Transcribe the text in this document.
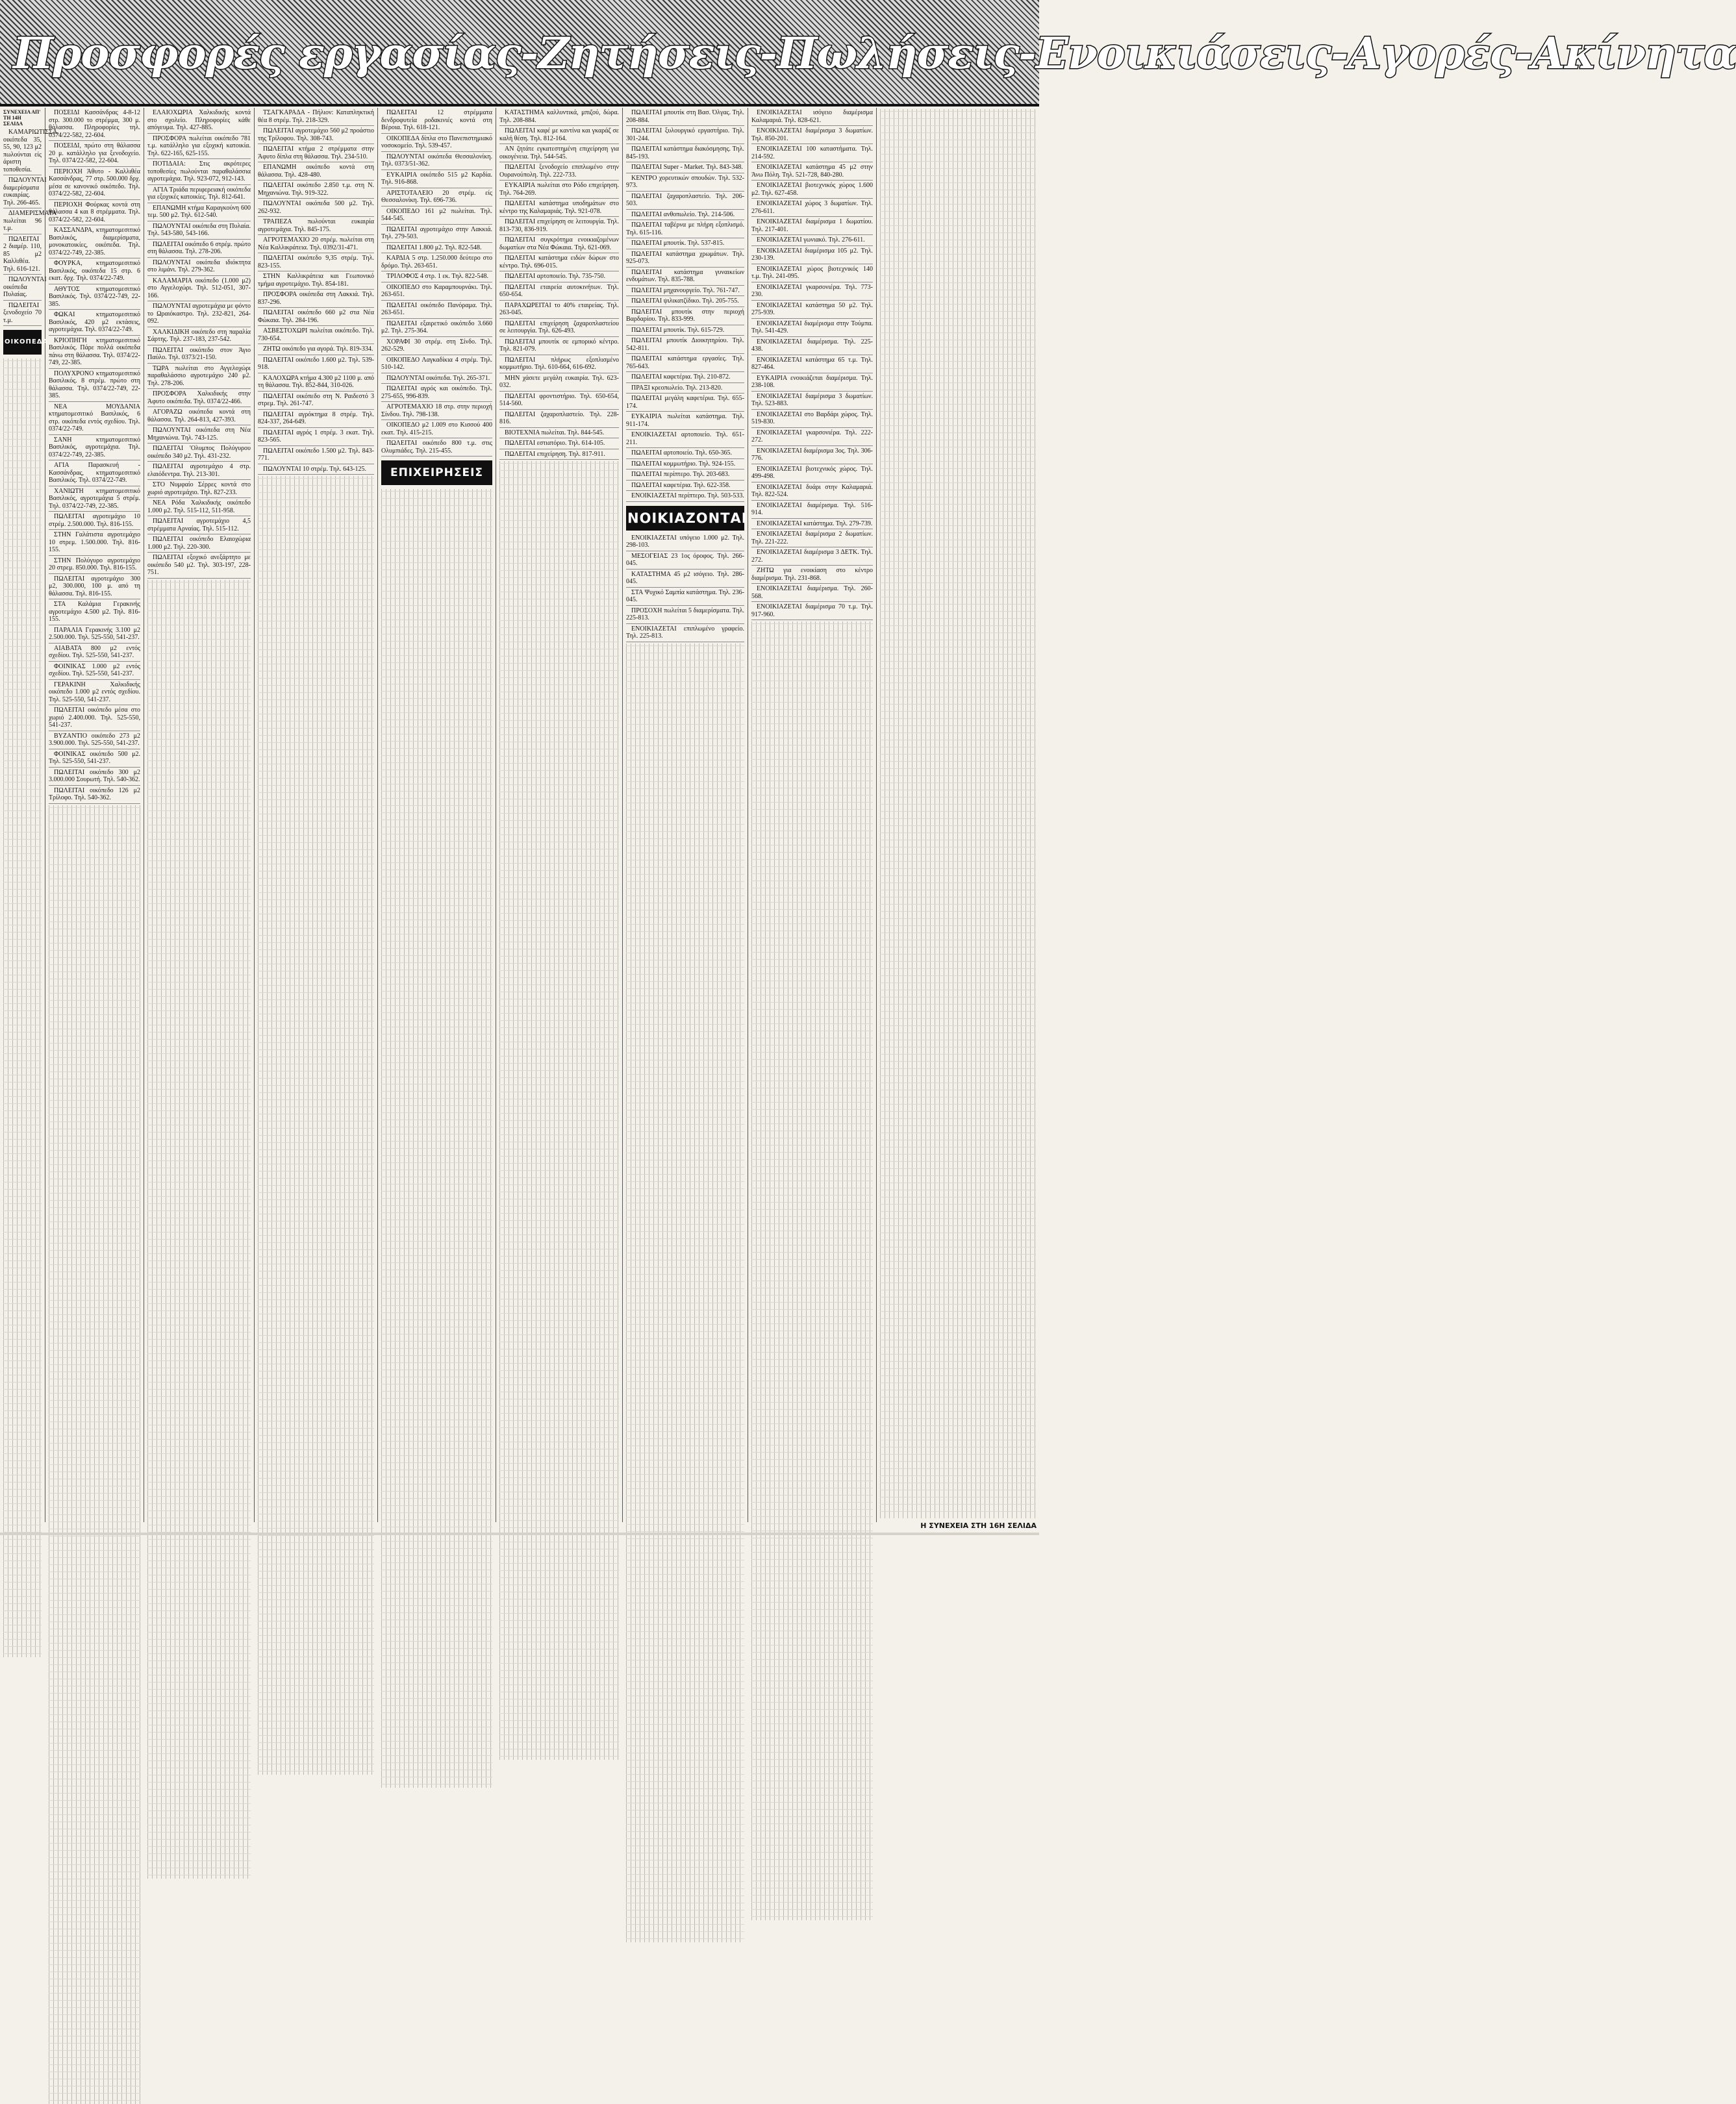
Προσφορές εργασίας-Ζητήσεις-Πωλήσεις-Ενοικιάσεις-Αγορές-Ακίνητα
ΣΥΝΕΧΕΙΑ ΑΠ' ΤΗ 14Η ΣΕΛΙΔΑ
ΚΑΜΑΡΙΩΤΙΣΣΑ, οικόπεδα 35, 55, 90, 123 μ2 πωλούνται είς άριστη τοποθεσία.
ΠΩΛΟΥΝΤΑΙ διαμερίσματα ευκαιρίας. Τηλ. 266-465.
ΔΙΑΜΕΡΙΣΜΑΤΑ πωλείται 96 τ.μ.
ΠΩΛΕΙΤΑΙ 2 διαμέρ. 110, 85 μ2 Καλλιθέα. Τηλ. 616-121.
ΠΩΛΟΥΝΤΑΙ οικόπεδα Πυλαίας.
ΠΩΛΕΙΤΑΙ ξενοδοχείο 70 τ.μ.
ΟΙΚΟΠΕΔΑ
ΠΟΣΕΙΔΙ Κασσάνδρας 4-8-12 στρ. 300.000 το στρέμμα, 300 μ. θάλασσα. Πληροφορίες τηλ. 0374/22-582, 22-604.
ΠΟΣΕΙΔΙ, πρώτο στη θάλασσα 20 μ. κατάλληλο για ξενοδοχείο. Τηλ. 0374/22-582, 22-604.
ΠΕΡΙΟΧΗ Άθυτο - Καλλιθέα Κασσάνδρας, 77 στρ. 500.000 δρχ. μέσα σε κανονικό οικόπεδο. Τηλ. 0374/22-582, 22-604.
ΠΕΡΙΟΧΗ Φούρκας κοντά στη θάλασσα 4 και 8 στρέμματα. Τηλ. 0374/22-582, 22-604.
ΚΑΣΣΑΝΔΡΑ, κτηματομεσιτικό Βασιλικός, διαμερίσματα, μονοκατοικίες, οικόπεδα. Τηλ. 0374/22-749, 22-385.
ΦΟΥΡΚΑ, κτηματομεσιτικό Βασιλικός, οικόπεδα 15 στρ. 6 εκατ. δρχ. Τηλ. 0374/22-749.
ΑΘΥΤΟΣ κτηματομεσιτικό Βασιλικός. Τηλ. 0374/22-749, 22-385.
ΦΩΚΑΙ κτηματομεσιτικό Βασιλικός, 420 μ2 εκτάσεις, αγροτεμάχια. Τηλ. 0374/22-749.
ΚΡΙΟΠΗΓΗ κτηματομεσιτικό Βασιλικός. Πάρε πολλά οικόπεδα πάνω στη θάλασσα. Τηλ. 0374/22-749, 22-385.
ΠΟΛΥΧΡΟΝΟ κτηματομεσιτικό Βασιλικός. 8 στρέμ. πρώτο στη θάλασσα. Τηλ. 0374/22-749, 22-385.
ΝΕΑ ΜΟΥΔΑΝΙΑ κτηματομεσιτικό Βασιλικός, 6 στρ. οικόπεδα εντός σχεδίου. Τηλ. 0374/22-749.
ΣΑΝΗ κτηματομεσιτικό Βασιλικός, αγροτεμάχια. Τηλ. 0374/22-749, 22-385.
ΑΓΙΑ Παρασκευή - Κασσάνδρας, κτηματομεσιτικό Βασιλικός. Τηλ. 0374/22-749.
ΧΑΝΙΩΤΗ κτηματομεσιτικό Βασιλικός, αγροτεμάχια 5 στρέμ. Τηλ. 0374/22-749, 22-385.
ΠΩΛΕΙΤΑΙ αγροτεμάχιο 10 στρέμ. 2.500.000. Τηλ. 816-155.
ΣΤΗΝ Γαλάτιστα αγροτεμάχιο 10 στρεμ. 1.500.000. Τηλ. 816-155.
ΣΤΗΝ Πολύγυρο αγροτεμάχιο 20 στρεμ. 850.000. Τηλ. 816-155.
ΠΩΛΕΙΤΑΙ αγροτεμάχιο 300 μ2, 300.000, 100 μ. από τη θάλασσα. Τηλ. 816-155.
ΣΤΑ Καλάμια Γερακινής αγροτεμάχιο 4.500 μ2. Τηλ. 816-155.
ΠΑΡΑΛΙΑ Γερακινής 3.100 μ2 2.500.000. Τηλ. 525-550, 541-237.
ΑΙΑΒΑΤΑ 800 μ2 εντός σχεδίου. Τηλ. 525-550, 541-237.
ΦΟΙΝΙΚΑΣ 1.000 μ2 εντός σχεδίου. Τηλ. 525-550, 541-237.
ΓΕΡΑΚΙΝΗ Χαλκιδικής οικόπεδο 1.000 μ2 εντός σχεδίου. Τηλ. 525-550, 541-237.
ΠΩΛΕΙΤΑΙ οικόπεδο μέσα στο χωριό 2.400.000. Τηλ. 525-550, 541-237.
ΒΥΖΑΝΤΙΟ οικόπεδο 273 μ2 3.900.000. Τηλ. 525-550, 541-237.
ΦΟΙΝΙΚΑΣ οικόπεδο 500 μ2. Τηλ. 525-550, 541-237.
ΠΩΛΕΙΤΑΙ οικόπεδο 300 μ2 3.000.000 Σουρωτή. Τηλ. 540-362.
ΠΩΛΕΙΤΑΙ οικόπεδο 126 μ2 Τρίλοφο. Τηλ. 540-362.
ΕΛΑΙΟΧΩΡΙΑ Χαλκιδικής κοντά στο σχολείο. Πληροφορίες κάθε απόγευμα. Τηλ. 427-885.
ΠΡΟΣΦΟΡΑ πωλείται οικόπεδο 781 τ.μ. κατάλληλο για εξοχική κατοικία. Τηλ. 622-165, 625-155.
ΠΟΤΙΔΑΙΑ: Στις ακρότερες τοποθεσίες πωλούνται παραθαλάσσια αγροτεμάχια. Τηλ. 923-072, 912-143.
ΑΓΙΑ Τριάδα περιφερειακή οικόπεδα για εξοχικές κατοικίες. Τηλ. 812-641.
ΕΠΑΝΩΜΗ κτήμα Καραγκούνη 600 τεμ. 500 μ2. Τηλ. 612-540.
ΠΩΛΟΥΝΤΑΙ οικόπεδα στη Πυλαία. Τηλ. 543-580, 543-166.
ΠΩΛΕΙΤΑΙ οικόπεδο 6 στρέμ. πρώτο στη θάλασσα. Τηλ. 278-206.
ΠΩΛΟΥΝΤΑΙ οικόπεδα ιδιόκτητα στο λιμάνι. Τηλ. 279-362.
ΚΑΛΑΜΑΡΙΑ οικόπεδο (1.000 μ2) στο Αγγελοχώρι. Τηλ. 512-051, 307-166.
ΠΩΛΟΥΝΤΑΙ αγροτεμάχια με φόντο το Ωραιόκαστρο. Τηλ. 232-821, 264-092.
ΧΑΛΚΙΔΙΚΗ οικόπεδο στη παραλία Σάρτης. Τηλ. 237-183, 237-542.
ΠΩΛΕΙΤΑΙ οικόπεδο στον Άγιο Παύλο. Τηλ. 0373/21-150.
ΤΩΡΑ πωλείται στο Αγγελοχώρι παραθαλάσσιο αγροτεμάχιο 240 μ2. Τηλ. 278-206.
ΠΡΟΣΦΟΡΑ Χαλκιδικής στην Άφυτο οικόπεδα. Τηλ. 0374/22-466.
ΑΓΟΡΑΖΩ οικόπεδα κοντά στη θάλασσα. Τηλ. 264-813, 427-393.
ΠΩΛΟΥΝΤΑΙ οικόπεδα στη Νέα Μηχανιώνα. Τηλ. 743-125.
ΠΩΛΕΙΤΑΙ 'Ολυμπος Πολύγυρου οικόπεδο 340 μ2. Τηλ. 431-232.
ΠΩΛΕΙΤΑΙ αγροτεμάχιο 4 στρ. ελαιόδεντρα. Τηλ. 213-301.
ΣΤΟ Νυμφαίο Σέρρες κοντά στο χωριό αγροτεμάχιο. Τηλ. 827-233.
ΝΕΑ Ρόδα Χαλκιδικής οικόπεδο 1.000 μ2. Τηλ. 515-112, 511-958.
ΠΩΛΕΙΤΑΙ αγροτεμάχιο 4,5 στρέμματα Αρναίας. Τηλ. 515-112.
ΠΩΛΕΙΤΑΙ οικόπεδο Ελαιοχώρια 1.000 μ2. Τηλ. 220-300.
ΠΩΛΕΙΤΑΙ εξοχικό ανεξάρτητο με οικόπεδο 540 μ2. Τηλ. 303-197, 228-751.
ΤΣΑΓΚΑΡΑΔΑ - Πήλιον: Καταπληκτική θέα 8 στρέμ. Τηλ. 218-329.
ΠΩΛΕΙΤΑΙ αγροτεμάχιο 560 μ2 προάστιο της Τρίλοφου. Τηλ. 308-743.
ΠΩΛΕΙΤΑΙ κτήμα 2 στρέμματα στην Άφυτο δίπλα στη θάλασσα. Τηλ. 234-510.
ΕΠΑΝΩΜΗ οικόπεδο κοντά στη θάλασσα. Τηλ. 428-480.
ΠΩΛΕΙΤΑΙ οικόπεδο 2.850 τ.μ. στη Ν. Μηχανιώνα. Τηλ. 919-322.
ΠΩΛΟΥΝΤΑΙ οικόπεδα 500 μ2. Τηλ. 262-932.
ΤΡΑΠΕΖΑ πωλούνται ευκαιρία αγροτεμάχια. Τηλ. 845-175.
ΑΓΡΟΤΕΜΑΧΙΟ 20 στρέμ. πωλείται στη Νέα Καλλικράτεια. Τηλ. 0392/31-471.
ΠΩΛΕΙΤΑΙ οικόπεδο 9,35 στρέμ. Τηλ. 823-155.
ΣΤΗΝ Καλλικράτεια και Γεωπονικό τμήμα αγροτεμάχιο. Τηλ. 854-181.
ΠΡΟΣΦΟΡΑ οικόπεδα στη Λακκιά. Τηλ. 837-296.
ΠΩΛΕΙΤΑΙ οικόπεδο 660 μ2 στα Νέα Φώκαια. Τηλ. 284-196.
ΑΣΒΕΣΤΟΧΩΡΙ πωλείται οικόπεδο. Τηλ. 730-654.
ΖΗΤΩ οικόπεδο για αγορά. Τηλ. 819-334.
ΠΩΛΕΙΤΑΙ οικόπεδο 1.600 μ2. Τηλ. 539-918.
ΚΑΛΟΧΩΡΑ κτήμα 4.300 μ2 1100 μ. από τη θάλασσα. Τηλ. 852-844, 310-026.
ΠΩΛΕΙΤΑΙ οικόπεδο στη Ν. Ραιδεστό 3 στρεμ. Τηλ. 261-747.
ΠΩΛΕΙΤΑΙ αγρόκτημα 8 στρέμ. Τηλ. 824-337, 264-649.
ΠΩΛΕΙΤΑΙ αγρός 1 στρέμ. 3 εκατ. Τηλ. 823-565.
ΠΩΛΕΙΤΑΙ οικόπεδο 1.500 μ2. Τηλ. 843-771.
ΠΩΛΟΥΝΤΑΙ 10 στρέμ. Τηλ. 643-125.
ΠΩΛΕΙΤΑΙ 12 στρέμματα δενδροφυτεία ροδακινιές κοντά στη Βέροια. Τηλ. 618-121.
ΟΙΚΟΠΕΔΑ δίπλα στο Πανεπιστημιακό νοσοκομείο. Τηλ. 539-457.
ΠΩΛΟΥΝΤΑΙ οικόπεδα Θεσσαλονίκη. Τηλ. 0373/51-362.
ΕΥΚΑΙΡΙΑ οικόπεδο 515 μ2 Καρδία. Τηλ. 916-868.
ΑΡΙΣΤΟΤΑΛΕΙΟ 20 στρέμ. είς Θεσσαλονίκη. Τηλ. 696-736.
ΟΙΚΟΠΕΔΟ 161 μ2 πωλείται. Τηλ. 544-545.
ΠΩΛΕΙΤΑΙ αγροτεμάχιο στην Λακκιά. Τηλ. 279-503.
ΠΩΛΕΙΤΑΙ 1.800 μ2. Τηλ. 822-548.
ΚΑΡΔΙΑ 5 στρ. 1.250.000 δεύτερο στο δρόμο. Τηλ. 263-651.
ΤΡΙΛΟΦΟΣ 4 στρ. 1 εκ. Τηλ. 822-548.
ΟΙΚΟΠΕΔΟ στο Καραμπουρνάκι. Τηλ. 263-651.
ΠΩΛΕΙΤΑΙ οικόπεδο Πανόραμα. Τηλ. 263-651.
ΠΩΛΕΙΤΑΙ εξαιρετικό οικόπεδο 3.660 μ2. Τηλ. 275-364.
ΧΟΡΑΦΙ 30 στρέμ. στη Σίνδο. Τηλ. 262-529.
ΟΙΚΟΠΕΔΟ Λαγκαδίκια 4 στρέμ. Τηλ. 510-142.
ΠΩΛΟΥΝΤΑΙ οικόπεδα. Τηλ. 265-371.
ΠΩΛΕΙΤΑΙ αγρός και οικόπεδο. Τηλ. 275-655, 996-839.
ΑΓΡΟΤΕΜΑΧΙΟ 18 στρ. στην περιοχή Σίνδου. Τηλ. 798-138.
ΟΙΚΟΠΕΔΟ μ2 1.009 στο Κισσού 400 εκατ. Τηλ. 415-215.
ΠΩΛΕΙΤΑΙ οικόπεδο 800 τ.μ. στις Ολυμπιάδες. Τηλ. 215-455.
ΕΠΙΧΕΙΡΗΣΕΙΣ
ΚΑΤΑΣΤΗΜΑ καλλυντικά, μπιζού, δώρα. Τηλ. 208-884.
ΠΩΛΕΙΤΑΙ καφέ με καντίνα και γκαράζ σε καλή θέση. Τηλ. 812-164.
ΑΝ ζητάτε εγκατεστημένη επιχείρηση για οικογένεια. Τηλ. 544-545.
ΠΩΛΕΙΤΑΙ ξενοδοχείο επιπλωμένο στην Ουρανούπολη. Τηλ. 222-733.
ΕΥΚΑΙΡΙΑ πωλείται στο Ρόδο επιχείρηση. Τηλ. 764-269.
ΠΩΛΕΙΤΑΙ κατάστημα υποδημάτων στο κέντρο της Καλαμαριάς. Τηλ. 921-078.
ΠΩΛΕΙΤΑΙ επιχείρηση σε λειτουργία. Τηλ. 813-730, 836-919.
ΠΩΛΕΙΤΑΙ συγκρότημα ενοικιαζομένων δωματίων στα Νέα Φώκαια. Τηλ. 621-069.
ΠΩΛΕΙΤΑΙ κατάστημα ειδών δώρων στο κέντρο. Τηλ. 696-015.
ΠΩΛΕΙΤΑΙ αρτοποιείο. Τηλ. 735-750.
ΠΩΛΕΙΤΑΙ εταιρεία αυτοκινήτων. Τηλ. 650-654.
ΠΑΡΑΧΩΡΕΙΤΑΙ το 40% εταιρείας. Τηλ. 263-045.
ΠΩΛΕΙΤΑΙ επιχείρηση ζαχαροπλαστείου σε λειτουργία. Τηλ. 626-493.
ΠΩΛΕΙΤΑΙ μπουτίκ σε εμπορικό κέντρο. Τηλ. 821-079.
ΠΩΛΕΙΤΑΙ πλήρως εξοπλισμένο κομμωτήριο. Τηλ. 610-664, 616-692.
ΜΗΝ χάσετε μεγάλη ευκαιρία. Τηλ. 623-032.
ΠΩΛΕΙΤΑΙ φροντιστήριο. Τηλ. 650-654, 514-560.
ΠΩΛΕΙΤΑΙ ζαχαροπλαστείο. Τηλ. 228-816.
ΒΙΟΤΕΧΝΙΑ πωλείται. Τηλ. 844-545.
ΠΩΛΕΙΤΑΙ εστιατόριο. Τηλ. 614-105.
ΠΩΛΕΙΤΑΙ επιχείρηση. Τηλ. 817-911.
ΠΩΛΕΙΤΑΙ μπουτίκ στη Βασ. Όλγας. Τηλ. 208-884.
ΠΩΛΕΙΤΑΙ ξυλουργικό εργαστήριο. Τηλ. 301-244.
ΠΩΛΕΙΤΑΙ κατάστημα διακόσμησης. Τηλ. 845-193.
ΠΩΛΕΙΤΑΙ Super - Market. Τηλ. 843-348.
ΚΕΝΤΡΟ χορευτικών σπουδών. Τηλ. 532-973.
ΠΩΛΕΙΤΑΙ ζαχαροπλαστείο. Τηλ. 206-503.
ΠΩΛΕΙΤΑΙ ανθοπωλείο. Τηλ. 214-506.
ΠΩΛΕΙΤΑΙ ταβέρνα με πλήρη εξοπλισμό. Τηλ. 615-116.
ΠΩΛΕΙΤΑΙ μπουτίκ. Τηλ. 537-815.
ΠΩΛΕΙΤΑΙ κατάστημα χρωμάτων. Τηλ. 925-073.
ΠΩΛΕΙΤΑΙ κατάστημα γυναικείων ενδυμάτων. Τηλ. 835-788.
ΠΩΛΕΙΤΑΙ μηχανουργείο. Τηλ. 761-747.
ΠΩΛΕΙΤΑΙ ψιλικατζίδικο. Τηλ. 205-755.
ΠΩΛΕΙΤΑΙ μπουτίκ στην περιοχή Βαρδαρίου. Τηλ. 833-999.
ΠΩΛΕΙΤΑΙ μπουτίκ. Τηλ. 615-729.
ΠΩΛΕΙΤΑΙ μπουτίκ Διοικητηρίου. Τηλ. 542-811.
ΠΩΛΕΙΤΑΙ κατάστημα εργασίες. Τηλ. 765-643.
ΠΩΛΕΙΤΑΙ καφετέρια. Τηλ. 210-872.
ΠΡΑΞΙ κρεοπωλείο. Τηλ. 213-820.
ΠΩΛΕΙΤΑΙ μεγάλη καφετέρια. Τηλ. 655-174.
ΕΥΚΑΙΡΙΑ πωλείται κατάστημα. Τηλ. 911-174.
ΕΝΟΙΚΙΑΖΕΤΑΙ αρτοποιείο. Τηλ. 651-211.
ΠΩΛΕΙΤΑΙ αρτοποιείο. Τηλ. 650-365.
ΠΩΛΕΙΤΑΙ κομμωτήριο. Τηλ. 924-155.
ΠΩΛΕΙΤΑΙ περίπτερο. Τηλ. 203-683.
ΠΩΛΕΙΤΑΙ καφετέρια. Τηλ. 622-358.
ΕΝΟΙΚΙΑΖΕΤΑΙ περίπτερο. Τηλ. 503-533.
ΝΟΙΚΙΑΖΟΝΤΑΙ
ΕΝΟΙΚΙΑΖΕΤΑΙ υπόγειο 1.000 μ2. Τηλ. 298-103.
ΜΕΣΟΓΕΙΑΣ 23 1ος όροφος. Τηλ. 266-045.
ΚΑΤΑΣΤΗΜΑ 45 μ2 ισόγειο. Τηλ. 286-045.
ΣΤΑ Ψυχικό Σαμπία κατάστημα. Τηλ. 236-045.
ΠΡΟΣΟΧΗ πωλείται 5 διαμερίσματα. Τηλ. 225-813.
ΕΝΟΙΚΙΑΖΕΤΑΙ επιπλωμένο γραφείο. Τηλ. 225-813.
ΕΝΟΙΚΙΑΖΕΤΑΙ ισόγειο διαμέρισμα Καλαμαριά. Τηλ. 828-621.
ΕΝΟΙΚΙΑΖΕΤΑΙ διαμέρισμα 3 δωματίων. Τηλ. 850-201.
ΕΝΟΙΚΙΑΖΕΤΑΙ 100 καταστήματα. Τηλ. 214-592.
ΕΝΟΙΚΙΑΖΕΤΑΙ κατάστημα 45 μ2 στην Άνω Πόλη. Τηλ. 521-728, 840-280.
ΕΝΟΙΚΙΑΖΕΤΑΙ βιοτεχνικός χώρος 1.600 μ2. Τηλ. 627-458.
ΕΝΟΙΚΙΑΖΕΤΑΙ χώρος 3 δωματίων. Τηλ. 276-611.
ΕΝΟΙΚΙΑΖΕΤΑΙ διαμέρισμα 1 δωματίου. Τηλ. 217-401.
ΕΝΟΙΚΙΑΖΕΤΑΙ γωνιακό. Τηλ. 276-611.
ΕΝΟΙΚΙΑΖΕΤΑΙ διαμέρισμα 105 μ2. Τηλ. 230-139.
ΕΝΟΙΚΙΑΖΕΤΑΙ χώρος βιοτεχνικός 140 τ.μ. Τηλ. 241-095.
ΕΝΟΙΚΙΑΖΕΤΑΙ γκαρσονιέρα. Τηλ. 773-230.
ΕΝΟΙΚΙΑΖΕΤΑΙ κατάστημα 50 μ2. Τηλ. 275-939.
ΕΝΟΙΚΙΑΖΕΤΑΙ διαμέρισμα στην Τούμπα. Τηλ. 541-429.
ΕΝΟΙΚΙΑΖΕΤΑΙ διαμέρισμα. Τηλ. 225-438.
ΕΝΟΙΚΙΑΖΕΤΑΙ κατάστημα 65 τ.μ. Τηλ. 827-464.
ΕΥΚΑΙΡΙΑ ενοικιάζεται διαμέρισμα. Τηλ. 238-108.
ΕΝΟΙΚΙΑΖΕΤΑΙ διαμέρισμα 3 δωματίων. Τηλ. 523-883.
ΕΝΟΙΚΙΑΖΕΤΑΙ στο Βαρδάρι χώρος. Τηλ. 519-830.
ΕΝΟΙΚΙΑΖΕΤΑΙ γκαρσονιέρα. Τηλ. 222-272.
ΕΝΟΙΚΙΑΖΕΤΑΙ διαμέρισμα 3ος. Τηλ. 306-776.
ΕΝΟΙΚΙΑΖΕΤΑΙ βιοτεχνικός χώρος. Τηλ. 499-498.
ΕΝΟΙΚΙΑΖΕΤΑΙ δυάρι στην Καλαμαριά. Τηλ. 822-524.
ΕΝΟΙΚΙΑΖΕΤΑΙ διαμέρισμα. Τηλ. 516-914.
ΕΝΟΙΚΙΑΖΕΤΑΙ κατάστημα. Τηλ. 279-739.
ΕΝΟΙΚΙΑΖΕΤΑΙ διαμέρισμα 2 δωματίων. Τηλ. 221-222.
ΕΝΟΙΚΙΑΖΕΤΑΙ διαμέρισμα 3 ΔΕΤΚ. Τηλ. 272.
ΖΗΤΩ για ενοικίαση στο κέντρο διαμέρισμα. Τηλ. 231-868.
ΕΝΟΙΚΙΑΖΕΤΑΙ διαμέρισμα. Τηλ. 260-568.
ΕΝΟΙΚΙΑΖΕΤΑΙ διαμέρισμα 70 τ.μ. Τηλ. 917-960.
Η ΣΥΝΕΧΕΙΑ ΣΤΗ 16Η ΣΕΛΙΔΑ
